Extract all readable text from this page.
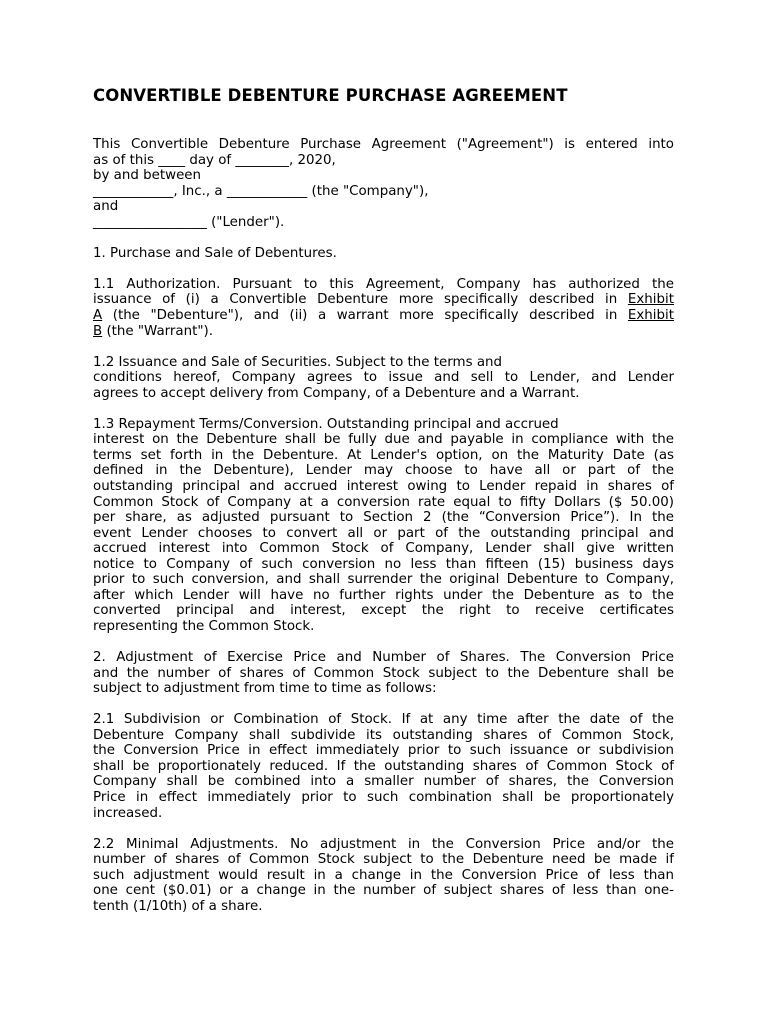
CONVERTIBLE DEBENTURE PURCHASE AGREEMENT
This Convertible Debenture Purchase Agreement ("Agreement") is entered into
as of this ____ day of ________, 2020,
by and between
____________, Inc., a ____________ (the "Company"),
and
_________________ ("Lender").
1. Purchase and Sale of Debentures.
1.1 Authorization. Pursuant to this Agreement, Company has authorized the
issuance of (i) a Convertible Debenture more specifically described in Exhibit
A (the "Debenture"), and (ii) a warrant more specifically described in Exhibit
B (the "Warrant").
1.2 Issuance and Sale of Securities. Subject to the terms and
conditions hereof, Company agrees to issue and sell to Lender, and Lender
agrees to accept delivery from Company, of a Debenture and a Warrant.
1.3 Repayment Terms/Conversion. Outstanding principal and accrued
interest on the Debenture shall be fully due and payable in compliance with the
terms set forth in the Debenture. At Lender's option, on the Maturity Date (as
defined in the Debenture), Lender may choose to have all or part of the
outstanding principal and accrued interest owing to Lender repaid in shares of
Common Stock of Company at a conversion rate equal to fifty Dollars ($ 50.00)
per share, as adjusted pursuant to Section 2 (the “Conversion Price”). In the
event Lender chooses to convert all or part of the outstanding principal and
accrued interest into Common Stock of Company, Lender shall give written
notice to Company of such conversion no less than fifteen (15) business days
prior to such conversion, and shall surrender the original Debenture to Company,
after which Lender will have no further rights under the Debenture as to the
converted principal and interest, except the right to receive certificates
representing the Common Stock.
2. Adjustment of Exercise Price and Number of Shares. The Conversion Price
and the number of shares of Common Stock subject to the Debenture shall be
subject to adjustment from time to time as follows:
2.1 Subdivision or Combination of Stock. If at any time after the date of the
Debenture Company shall subdivide its outstanding shares of Common Stock,
the Conversion Price in effect immediately prior to such issuance or subdivision
shall be proportionately reduced. If the outstanding shares of Common Stock of
Company shall be combined into a smaller number of shares, the Conversion
Price in effect immediately prior to such combination shall be proportionately
increased.
2.2 Minimal Adjustments. No adjustment in the Conversion Price and/or the
number of shares of Common Stock subject to the Debenture need be made if
such adjustment would result in a change in the Conversion Price of less than
one cent ($0.01) or a change in the number of subject shares of less than one-
tenth (1/10th) of a share.
